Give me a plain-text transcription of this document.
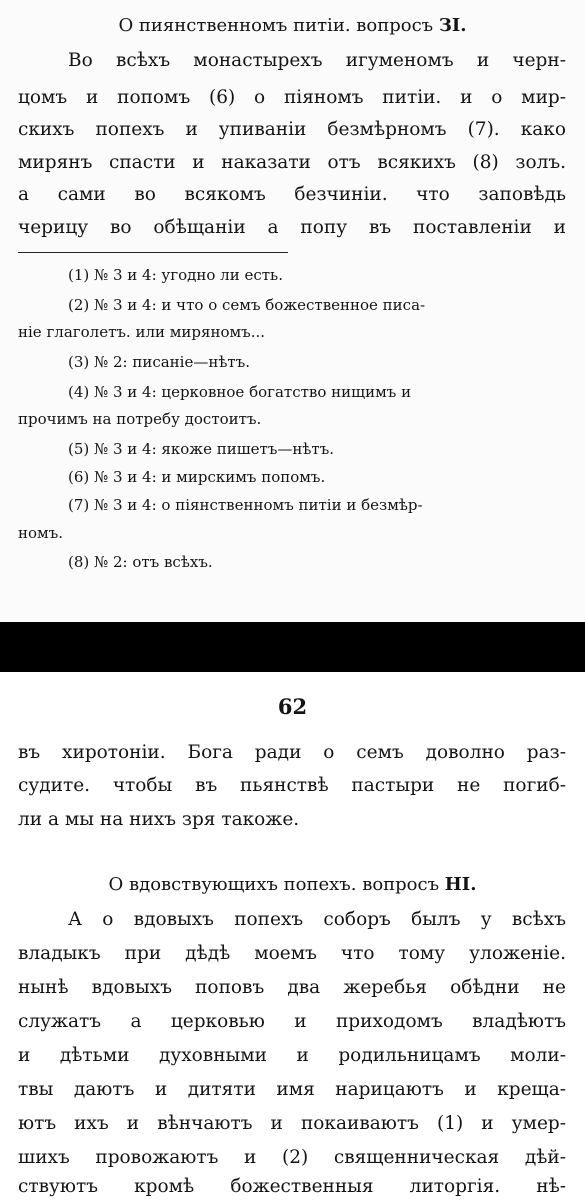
О пиянственномъ питіи. вопросъ ЗІ.

Во всѣхъ монастырехъ игуменомъ и черн-

цомъ и попомъ (6) о піяномъ питіи. и о мир-

скихъ попехъ и упиваніи безмѣрномъ (7). како

мирянъ спасти и наказати отъ всякихъ (8) золъ.

а сами во всякомъ безчиніи. что заповѣдь

черицу во обѣщаніи а попу въ поставленіи и

(1) № 3 и 4: угодно ли есть.

(2) № 3 и 4: и что о семъ божественное писа-

ніе глаголетъ. или миряномъ...

(3) № 2: писаніе—нѣтъ.

(4) № 3 и 4: церковное богатство нищимъ и

прочимъ на потребу достоитъ.

(5) № 3 и 4: якоже пишетъ—нѣтъ.

(6) № 3 и 4: и мирскимъ попомъ.

(7) № 3 и 4: о піянственномъ питіи и безмѣр-

номъ.

(8) № 2: отъ всѣхъ.

62

въ хиротоніи. Бога ради о семъ доволно раз-

судите. чтобы въ пьянствѣ пастыри не погиб-

ли а мы на нихъ зря такоже.

О вдовствующихъ попехъ. вопросъ НІ.

А о вдовыхъ попехъ соборъ былъ у всѣхъ

владыкъ при дѣдѣ моемъ что тому уложеніе.

нынѣ вдовыхъ поповъ два жеребья обѣдни не

служатъ а церковью и приходомъ владѣютъ

и дѣтьми духовными и родильницамъ моли-

твы даютъ и дитяти имя нарицаютъ и крещa-

ютъ ихъ и вѣнчаютъ и покаиваютъ (1) и умер-

шихъ провожаютъ и (2) священническая дѣй-

ствуютъ кромѣ божественныя литоргія. нѣ-
